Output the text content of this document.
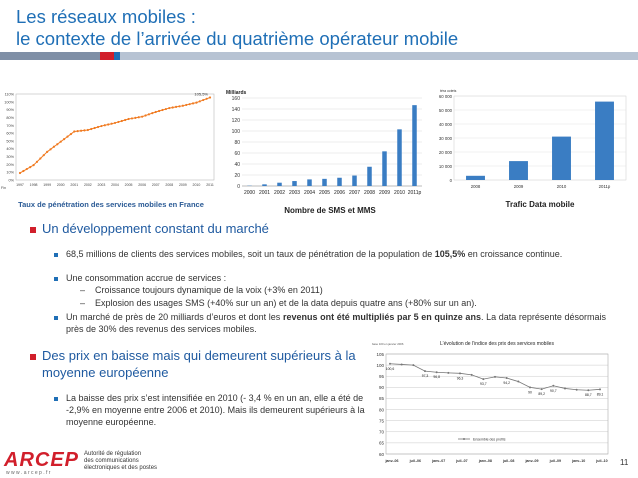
Les réseaux mobiles :
le contexte de l’arrivée du quatrième opérateur mobile
0%
10%
20%
30%
40%
50%
60%
70%
80%
90%
100%
110%
Fin
1997 1998 1999 2000 2001 2002 2003 2004 2005 2006 2007 2008 2009 2010 2011
105,5%
Taux de pénétration des services mobiles en France
Milliards
0
20
40
60
80
100
120
140
160
2000 2001 2002 2003 2004 2005 2006 2007 2008 2009 2010 2011p
Nombre de SMS et MMS
téra octets
0
10 000
20 000
30 000
40 000
50 000
60 000
2008	2009	2010	2011p
Trafic Data mobile
Un développement constant du marché
68,5 millions de clients des services mobiles, soit un taux de pénétration de la population de 105,5% en croissance continue.
Une consommation accrue de services :
– Croissance toujours dynamique de la voix (+3% en 2011)
– Explosion des usages SMS (+40% sur un an) et de la data depuis quatre ans (+80% sur un an).
Un marché de près de 20 milliards d’euros et dont les revenus ont été multipliés par 5 en quinze ans. La data représente désormais près de 30% des revenus des services mobiles.
Des prix en baisse mais qui demeurent supérieurs à la
moyenne européenne
La baisse des prix s’est intensifiée en 2010 (- 3,4 % en un an, elle a été de -2,9% en moyenne entre 2006 et 2010). Mais ils demeurent supérieurs à la moyenne européenne.
L’évolution de l’indice des prix des services mobiles
base 100 en janvier 2006
60
65
70
75
80
85
90
95
100
105
janv.-06	juil.-06	janv.-07	juil.-07	janv.-08	juil.-08	janv.-09	juil.-09	janv.-10	juil.-10
100,6
97,3 96,8	96,3
93,7	94,2
90 89,2
90,7
88,7 89,1
Ensemble des profils
ARCEP
w w w . a r c e p . f r
Autorité de régulation
des communications
électroniques et des postes
11
